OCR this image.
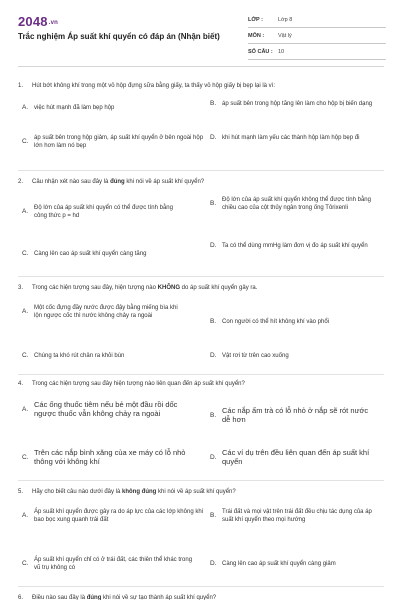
2048.vn
Trắc nghiệm Áp suất khí quyển có đáp án (Nhận biết)
LỚP :	Lớp 8
MÔN :	Vật lý
SỐ CÂU : 10
1.	Hút bớt không khí trong một vỏ hộp đựng sữa bằng giấy, ta thấy vỏ hộp giấy bị bẹp lại là vì:
A. việc hút mạnh đã làm bẹp hộp
B. áp suất bên trong hộp tăng lên làm cho hộp bị biến dạng
C. áp suất bên trong hộp giảm, áp suất khí quyển ở bên ngoài hộp lớn hơn làm nó bẹp
D. khi hút mạnh làm yếu các thành hộp làm hộp bẹp đi
2.	Câu nhận xét nào sau đây là đúng khi nói về áp suất khí quyển?
A. Độ lớn của áp suất khí quyển có thể được tính bằng công thức p = hd
B. Độ lớn của áp suất khí quyển không thể được tính bằng chiều cao của cột thủy ngân trong ống Tôrixenli
C. Càng lên cao áp suất khí quyển càng tăng
D. Ta có thể dùng mmHg làm đơn vị đo áp suất khí quyển
3.	Trong các hiện tượng sau đây, hiện tượng nào KHÔNG do áp suất khí quyển gây ra.
A. Một cốc đựng đầy nước được đậy bằng miếng bìa khi lộn ngược cốc thì nước không chảy ra ngoài
B. Con người có thể hít không khí vào phổi
C. Chúng ta khó rút chân ra khỏi bùn	D. Vật rơi từ trên cao xuống
4.	Trong các hiện tượng sau đây hiện tượng nào liên quan đến áp suất khí quyển?
A. Các ống thuốc tiêm nếu bẻ một đầu rồi dốc ngược thuốc vẫn không chảy ra ngoài	B. Các nắp ấm trà có lỗ nhỏ ở nắp sẽ rót nước dễ hơn
C. Trên các nắp bình xăng của xe máy có lỗ nhỏ thông với không khí	D. Các ví dụ trên đều liên quan đến áp suất khí quyển
5.	Hãy cho biết câu nào dưới đây là không đúng khi nói về áp suất khí quyển?
A. Áp suất khí quyển được gây ra do áp lực của các lớp không khí bao bọc xung quanh trái đất
B. Trái đất và mọi vật trên trái đất đều chịu tác dụng của áp suất khí quyển theo mọi hướng
C. Áp suất khí quyển chỉ có ở trái đất, các thiên thể khác trong vũ trụ không có
D. Càng lên cao áp suất khí quyển càng giảm
6.	Điều nào sau đây là đúng khi nói về sự tạo thành áp suất khí quyển?
